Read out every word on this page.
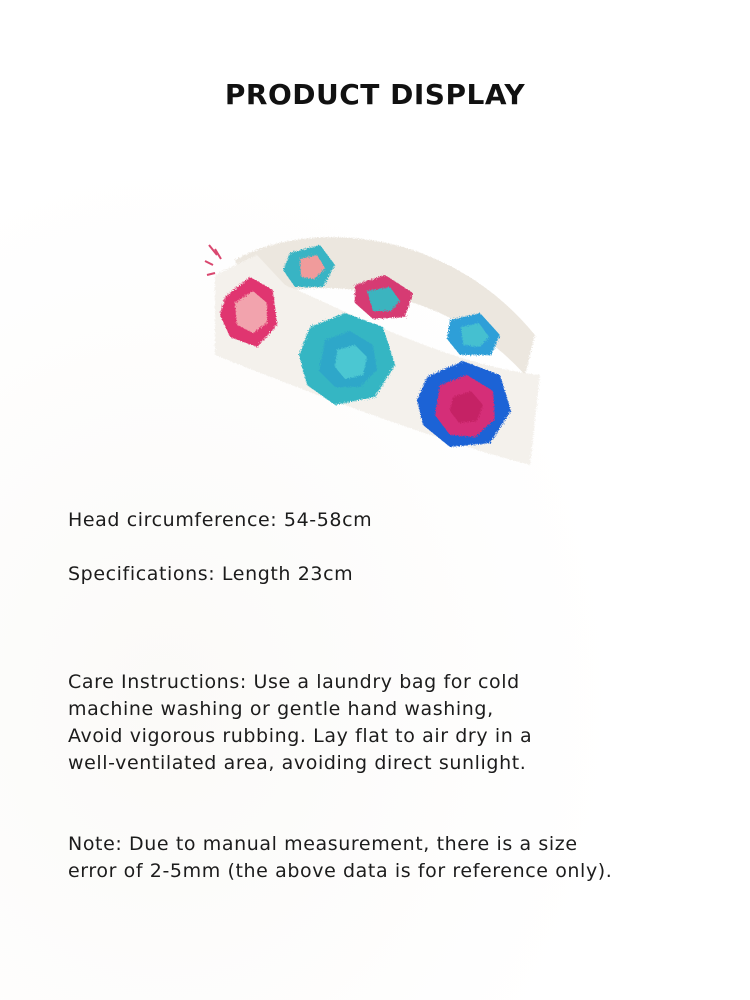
PRODUCT DISPLAY

Head circumference: 54-58cm

Specifications: Length 23cm

Care Instructions: Use a laundry bag for cold
machine washing or gentle hand washing,
Avoid vigorous rubbing. Lay flat to air dry in a
well-ventilated area, avoiding direct sunlight.

Note: Due to manual measurement, there is a size
error of 2-5mm (the above data is for reference only).
